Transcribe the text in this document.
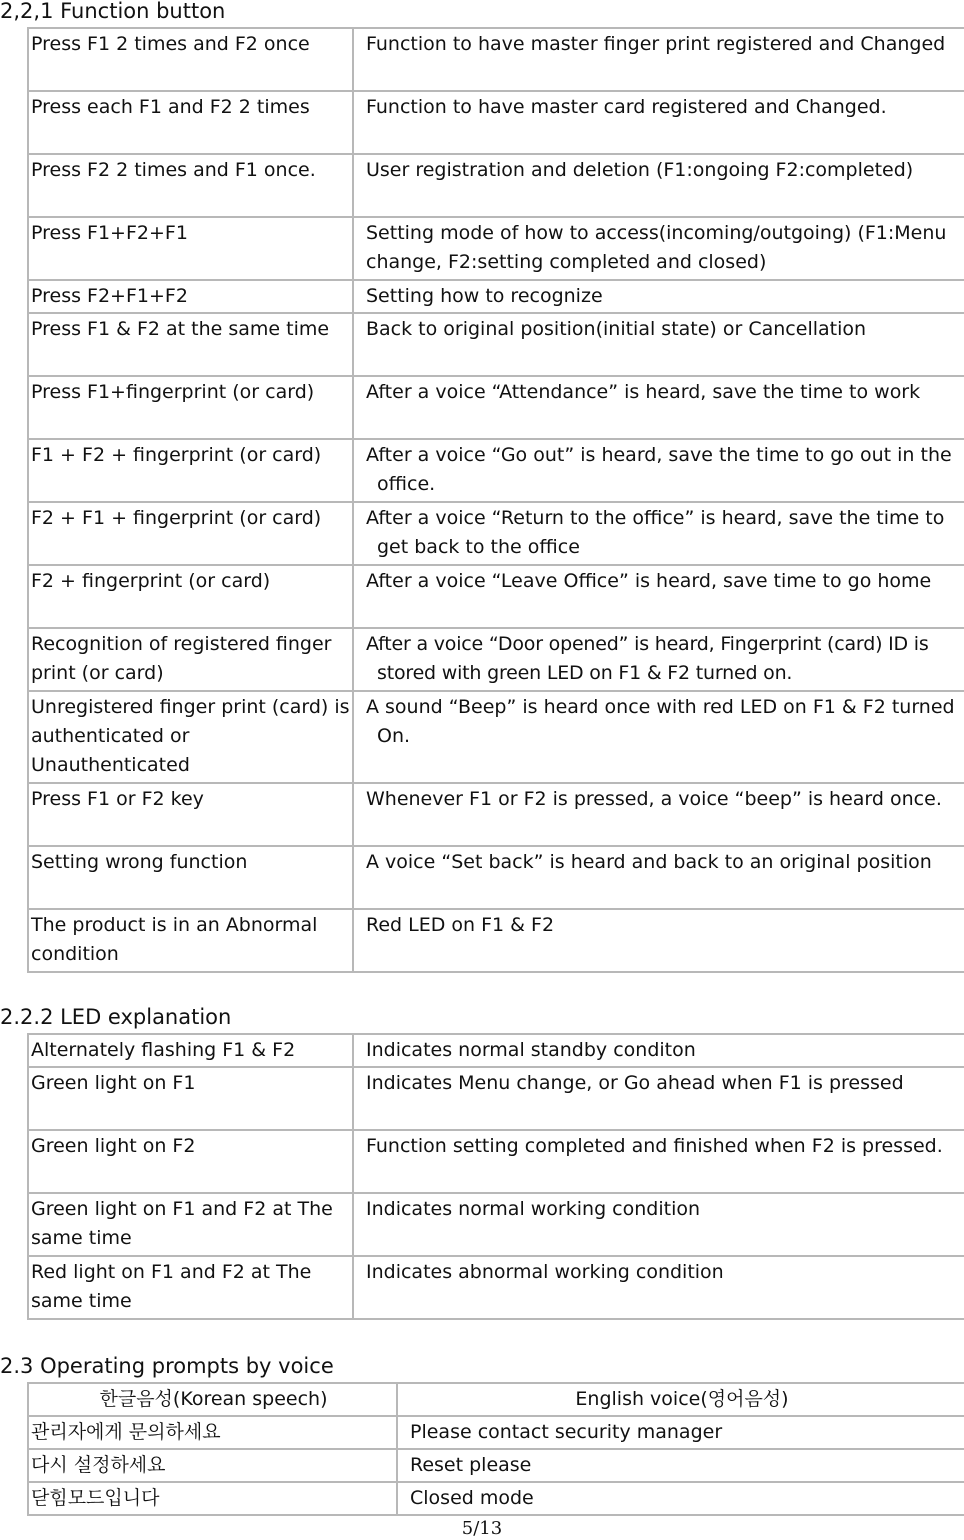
2,2,1 Function button
Press F1 2 times and F2 once	Function to have master finger print registered and Changed

Press each F1 and F2 2 times	Function to have master card registered and Changed.

Press F2 2 times and F1 once.	User registration and deletion (F1:ongoing F2:completed)

Press F1+F2+F1	Setting mode of how to access(incoming/outgoing) (F1:Menu change, F2:setting completed and closed)
Press F2+F1+F2	Setting how to recognize
Press F1 & F2 at the same time	Back to original position(initial state) or Cancellation
Press F1+fingerprint (or card)	After a voice “Attendance” is heard, save the time to work

F1 + F2 + fingerprint (or card)	After a voice “Go out” is heard, save the time to go out in the office.

F2 + F1 + fingerprint (or card)	After a voice “Return to the office” is heard, save the time to get back to the office

F2 + fingerprint (or card)	After a voice “Leave Office” is heard, save time to go home

Recognition of registered finger print (or card)	After a voice “Door opened” is heard, Fingerprint (card) ID is stored with green LED on F1 & F2 turned on.

Unregistered finger print (card) is authenticated or Unauthenticated	A sound “Beep” is heard once with red LED on F1 & F2 turned On.

Press F1 or F2 key	Whenever F1 or F2 is pressed, a voice “beep” is heard once.

Setting wrong function	A voice “Set back” is heard and back to an original position

The product is in an Abnormal condition	Red LED on F1 & F2
2.2.2 LED explanation
Alternately flashing F1 & F2	Indicates normal standby conditon
Green light on F1	Indicates Menu change, or Go ahead when F1 is pressed

Green light on F2	Function setting completed and finished when F2 is pressed.

Green light on F1 and F2 at The same time	Indicates normal working condition
Red light on F1 and F2 at The same time	Indicates abnormal working condition
2.3 Operating prompts by voice
한글음성(Korean speech)	English voice(영어음성)
관리자에게 문의하세요	Please contact security manager
다시 설정하세요	Reset please
닫힘모드입니다	Closed mode
5/13
